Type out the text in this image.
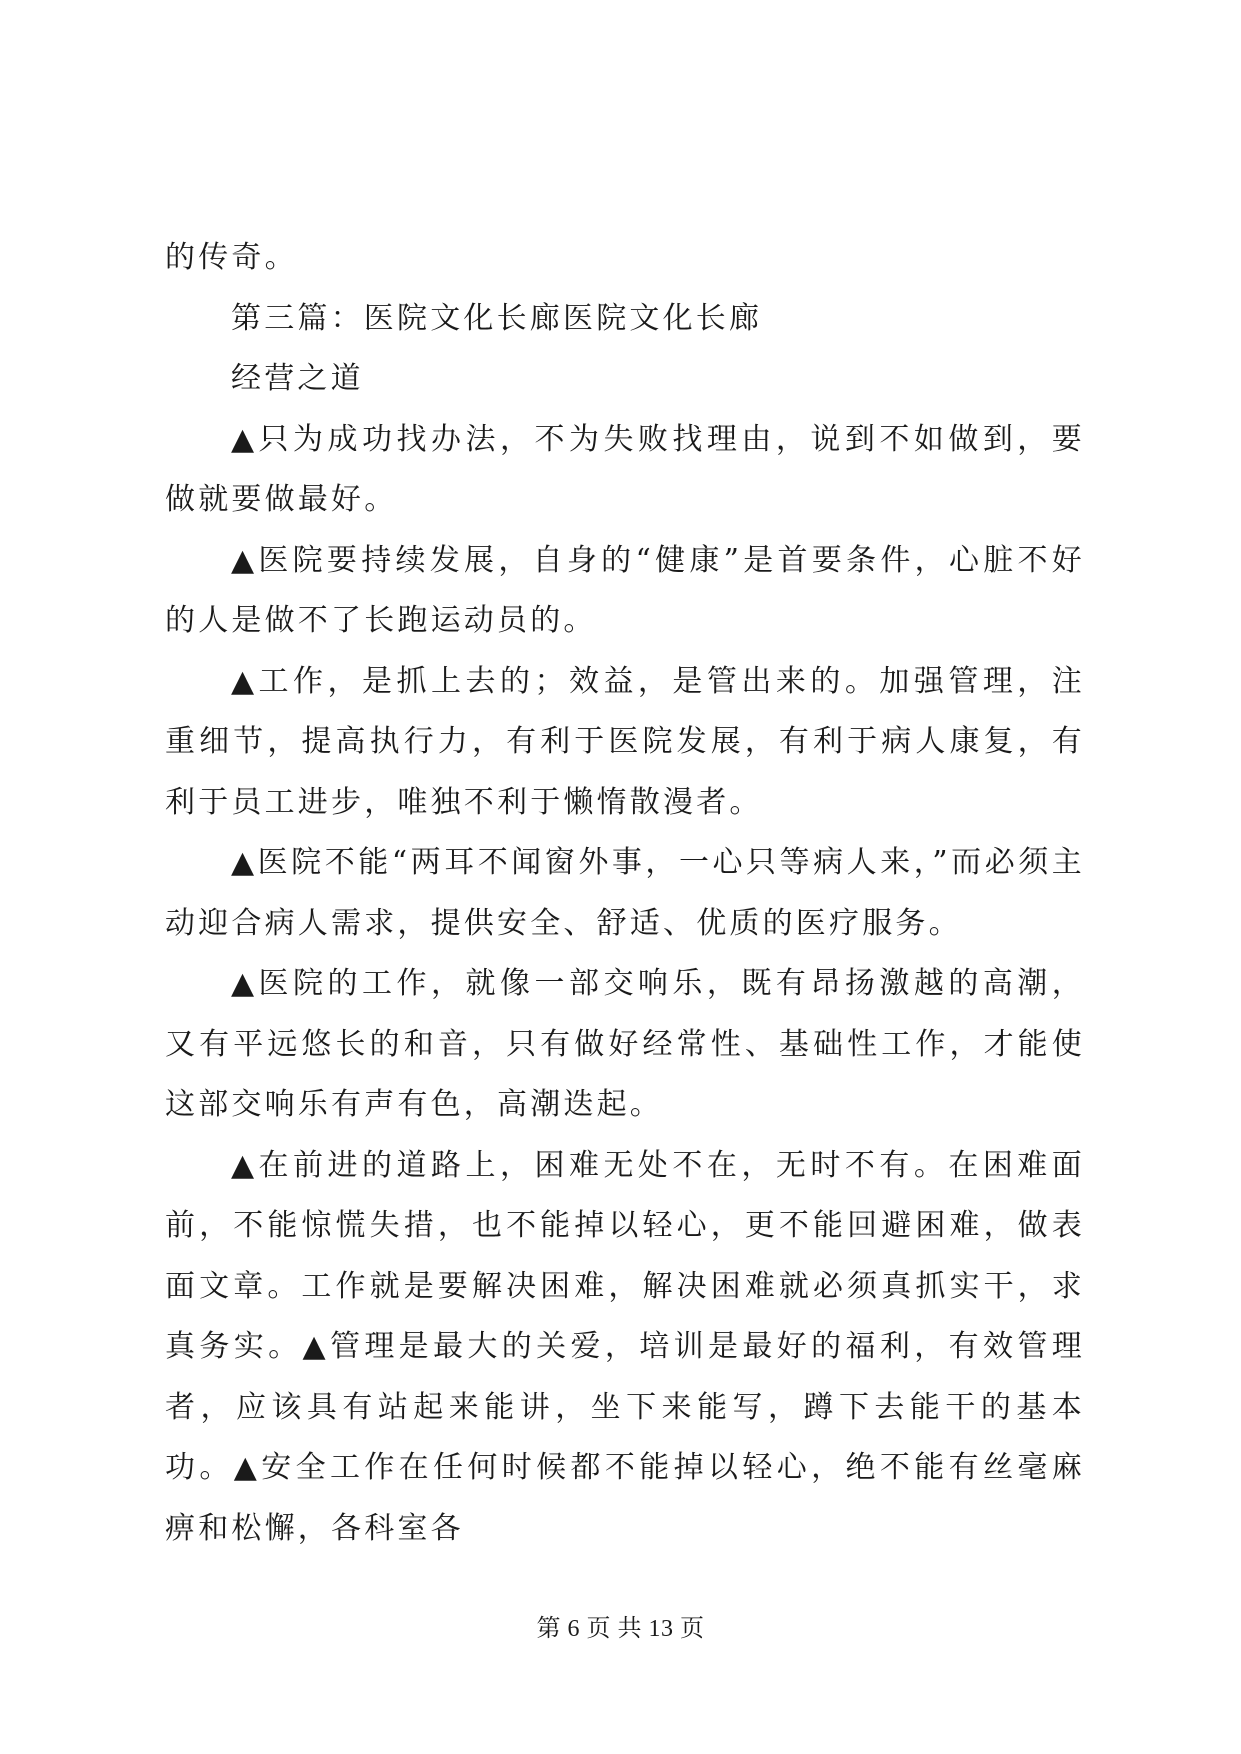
的传奇。

第三篇：医院文化长廊医院文化长廊

经营之道

▲只为成功找办法，不为失败找理由，说到不如做到，要做就要做最好。

▲医院要持续发展，自身的“健康”是首要条件，心脏不好的人是做不了长跑运动员的。

▲工作，是抓上去的；效益，是管出来的。加强管理，注重细节，提高执行力，有利于医院发展，有利于病人康复，有利于员工进步，唯独不利于懒惰散漫者。

▲医院不能“两耳不闻窗外事，一心只等病人来，”而必须主动迎合病人需求，提供安全、舒适、优质的医疗服务。

▲医院的工作，就像一部交响乐，既有昂扬激越的高潮，又有平远悠长的和音，只有做好经常性、基础性工作，才能使这部交响乐有声有色，高潮迭起。

▲在前进的道路上，困难无处不在，无时不有。在困难面前，不能惊慌失措，也不能掉以轻心，更不能回避困难，做表面文章。工作就是要解决困难，解决困难就必须真抓实干，求真务实。▲管理是最大的关爱，培训是最好的福利，有效管理者，应该具有站起来能讲，坐下来能写，蹲下去能干的基本功。▲安全工作在任何时候都不能掉以轻心，绝不能有丝毫麻痹和松懈，各科室各

第 6 页 共 13 页
